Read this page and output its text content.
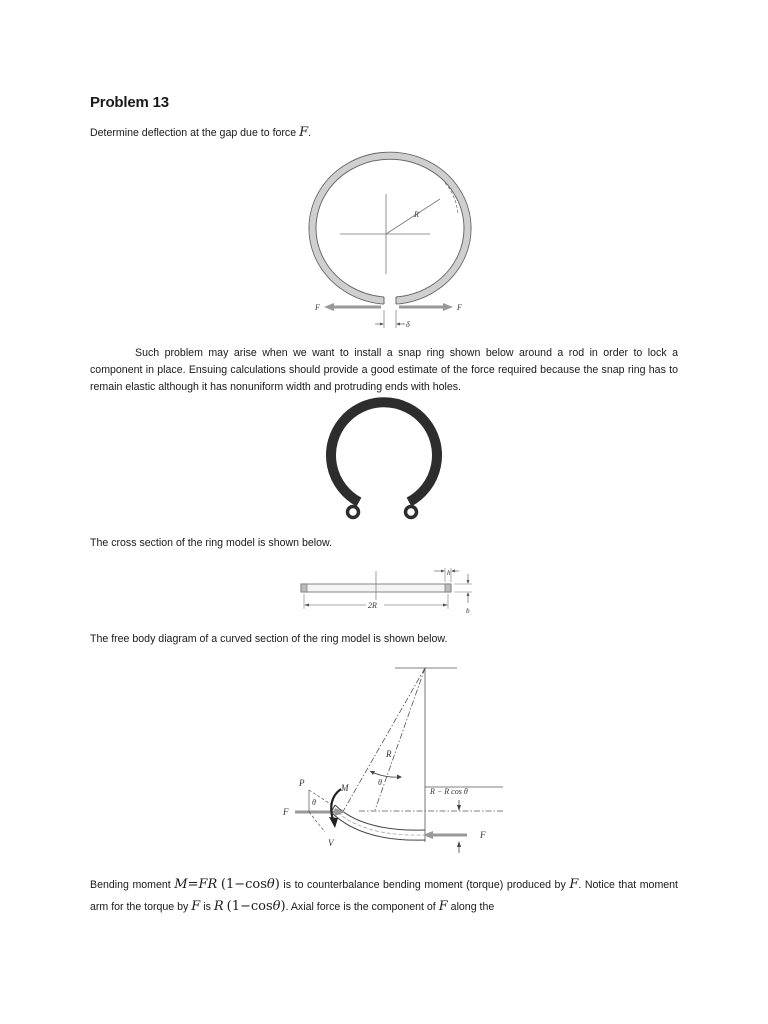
Problem 13
Determine deflection at the gap due to force F.
R
F	F
δ
Such problem may arise when we want to install a snap ring shown below around a rod in order to lock a component in place. Ensuing calculations should provide a good estimate of the force required because the snap ring has to remain elastic although it has nonuniform width and protruding ends with holes.
The cross section of the ring model is shown below.
2R
h
b
The free body diagram of a curved section of the ring model is shown below.
R
θ
R − R cos θ
F
F
P
θ
V
M
Bending moment M=FR (1−cosθ) is to counterbalance bending moment (torque) produced by F. Notice that moment arm for the torque by F is R (1−cosθ). Axial force is the component of F along the
